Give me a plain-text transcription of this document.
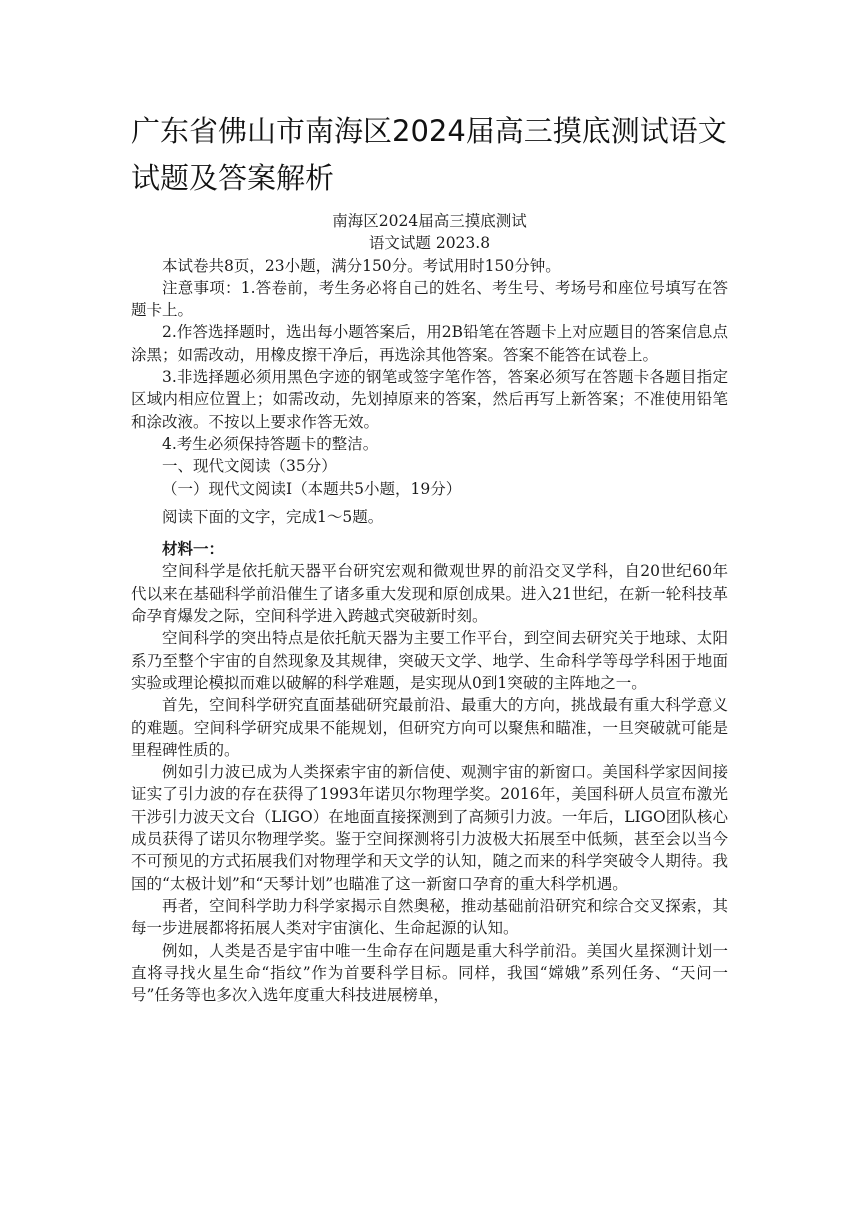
广东省佛山市南海区2024届高三摸底测试语文试题及答案解析

南海区2024届高三摸底测试

语文试题 2023.8

本试卷共8页，23小题，满分150分。考试用时150分钟。

注意事项：1.答卷前，考生务必将自己的姓名、考生号、考场号和座位号填写在答题卡上。

2.作答选择题时，选出每小题答案后，用2B铅笔在答题卡上对应题目的答案信息点涂黑；如需改动，用橡皮擦干净后，再选涂其他答案。答案不能答在试卷上。

3.非选择题必须用黑色字迹的钢笔或签字笔作答，答案必须写在答题卡各题目指定区域内相应位置上；如需改动，先划掉原来的答案，然后再写上新答案；不准使用铅笔和涂改液。不按以上要求作答无效。

4.考生必须保持答题卡的整洁。

一、现代文阅读（35分）

（一）现代文阅读Ⅰ（本题共5小题，19分）

阅读下面的文字，完成1～5题。

材料一：

空间科学是依托航天器平台研究宏观和微观世界的前沿交叉学科，自20世纪60年代以来在基础科学前沿催生了诸多重大发现和原创成果。进入21世纪，在新一轮科技革命孕育爆发之际，空间科学进入跨越式突破新时刻。

空间科学的突出特点是依托航天器为主要工作平台，到空间去研究关于地球、太阳系乃至整个宇宙的自然现象及其规律，突破天文学、地学、生命科学等母学科困于地面实验或理论模拟而难以破解的科学难题，是实现从0到1突破的主阵地之一。

首先，空间科学研究直面基础研究最前沿、最重大的方向，挑战最有重大科学意义的难题。空间科学研究成果不能规划，但研究方向可以聚焦和瞄准，一旦突破就可能是里程碑性质的。

例如引力波已成为人类探索宇宙的新信使、观测宇宙的新窗口。美国科学家因间接证实了引力波的存在获得了1993年诺贝尔物理学奖。2016年，美国科研人员宣布激光干涉引力波天文台（LIGO）在地面直接探测到了高频引力波。一年后，LIGO团队核心成员获得了诺贝尔物理学奖。鉴于空间探测将引力波极大拓展至中低频，甚至会以当今不可预见的方式拓展我们对物理学和天文学的认知，随之而来的科学突破令人期待。我国的“太极计划”和“天琴计划”也瞄准了这一新窗口孕育的重大科学机遇。

再者，空间科学助力科学家揭示自然奥秘，推动基础前沿研究和综合交叉探索，其每一步进展都将拓展人类对宇宙演化、生命起源的认知。

例如，人类是否是宇宙中唯一生命存在问题是重大科学前沿。美国火星探测计划一直将寻找火星生命“指纹”作为首要科学目标。同样，我国“嫦娥”系列任务、“天问一号”任务等也多次入选年度重大科技进展榜单，
